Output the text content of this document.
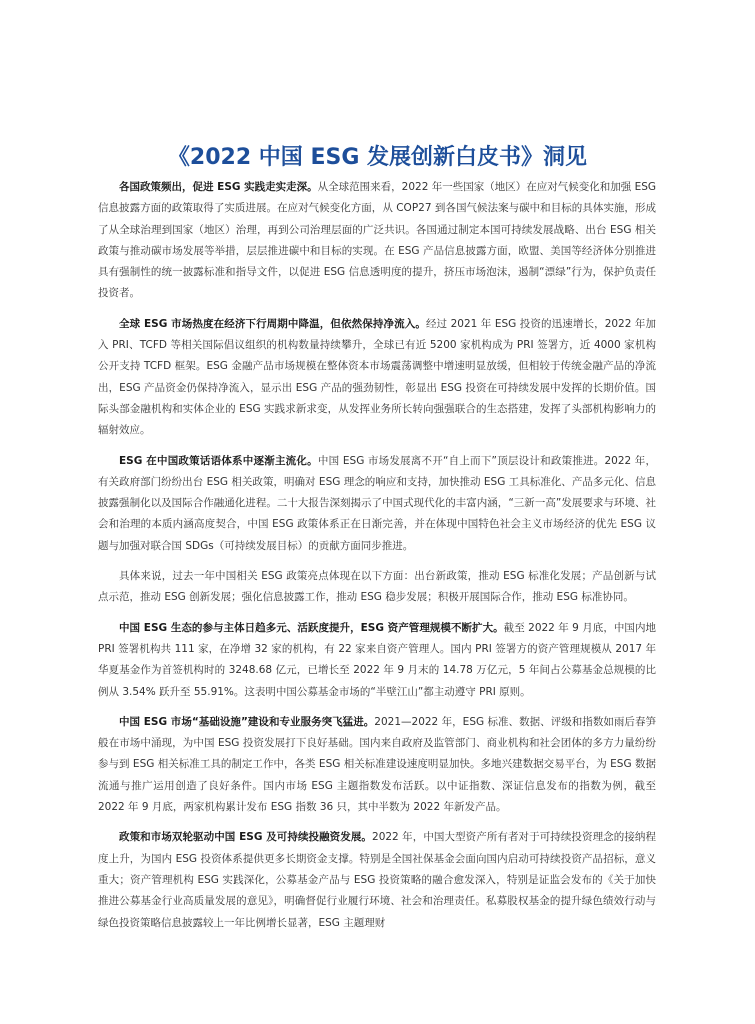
《2022 中国 ESG 发展创新白皮书》洞见

各国政策频出，促进 ESG 实践走实走深。从全球范围来看，2022 年一些国家（地区）在应对气候变化和加强 ESG 信息披露方面的政策取得了实质进展。在应对气候变化方面，从 COP27 到各国气候法案与碳中和目标的具体实施，形成了从全球治理到国家（地区）治理，再到公司治理层面的广泛共识。各国通过制定本国可持续发展战略、出台 ESG 相关政策与推动碳市场发展等举措，层层推进碳中和目标的实现。在 ESG 产品信息披露方面，欧盟、美国等经济体分别推进具有强制性的统一披露标准和指导文件，以促进 ESG 信息透明度的提升，挤压市场泡沫，遏制“漂绿”行为，保护负责任投资者。

全球 ESG 市场热度在经济下行周期中降温，但依然保持净流入。经过 2021 年 ESG 投资的迅速增长，2022 年加入 PRI、TCFD 等相关国际倡议组织的机构数量持续攀升，全球已有近 5200 家机构成为 PRI 签署方，近 4000 家机构公开支持 TCFD 框架。ESG 金融产品市场规模在整体资本市场震荡调整中增速明显放缓，但相较于传统金融产品的净流出，ESG 产品资金仍保持净流入，显示出 ESG 产品的强劲韧性，彰显出 ESG 投资在可持续发展中发挥的长期价值。国际头部金融机构和实体企业的 ESG 实践求新求变，从发挥业务所长转向强强联合的生态搭建，发挥了头部机构影响力的辐射效应。

ESG 在中国政策话语体系中逐渐主流化。中国 ESG 市场发展离不开“自上而下”顶层设计和政策推进。2022 年，有关政府部门纷纷出台 ESG 相关政策，明确对 ESG 理念的响应和支持，加快推动 ESG 工具标准化、产品多元化、信息披露强制化以及国际合作融通化进程。二十大报告深刻揭示了中国式现代化的丰富内涵，“三新一高”发展要求与环境、社会和治理的本质内涵高度契合，中国 ESG 政策体系正在日渐完善，并在体现中国特色社会主义市场经济的优先 ESG 议题与加强对联合国 SDGs（可持续发展目标）的贡献方面同步推进。

具体来说，过去一年中国相关 ESG 政策亮点体现在以下方面：出台新政策，推动 ESG 标准化发展；产品创新与试点示范，推动 ESG 创新发展；强化信息披露工作，推动 ESG 稳步发展；积极开展国际合作，推动 ESG 标准协同。

中国 ESG 生态的参与主体日趋多元、活跃度提升，ESG 资产管理规模不断扩大。截至 2022 年 9 月底，中国内地 PRI 签署机构共 111 家，在净增 32 家的机构，有 22 家来自资产管理人。国内 PRI 签署方的资产管理规模从 2017 年华夏基金作为首签机构时的 3248.68 亿元，已增长至 2022 年 9 月末的 14.78 万亿元，5 年间占公募基金总规模的比例从 3.54% 跃升至 55.91%。这表明中国公募基金市场的“半壁江山”都主动遵守 PRI 原则。

中国 ESG 市场“基础设施”建设和专业服务突飞猛进。2021—2022 年，ESG 标准、数据、评级和指数如雨后春笋般在市场中涌现，为中国 ESG 投资发展打下良好基础。国内来自政府及监管部门、商业机构和社会团体的多方力量纷纷参与到 ESG 相关标准工具的制定工作中，各类 ESG 相关标准建设速度明显加快。多地兴建数据交易平台，为 ESG 数据流通与推广运用创造了良好条件。国内市场 ESG 主题指数发布活跃。以中证指数、深证信息发布的指数为例，截至 2022 年 9 月底，两家机构累计发布 ESG 指数 36 只，其中半数为 2022 年新发产品。

政策和市场双轮驱动中国 ESG 及可持续投融资发展。2022 年，中国大型资产所有者对于可持续投资理念的接纳程度上升，为国内 ESG 投资体系提供更多长期资金支撑。特别是全国社保基金会面向国内启动可持续投资产品招标，意义重大；资产管理机构 ESG 实践深化，公募基金产品与 ESG 投资策略的融合愈发深入，特别是证监会发布的《关于加快推进公募基金行业高质量发展的意见》，明确督促行业履行环境、社会和治理责任。私募股权基金的提升绿色绩效行动与绿色投资策略信息披露较上一年比例增长显著，ESG 主题理财
